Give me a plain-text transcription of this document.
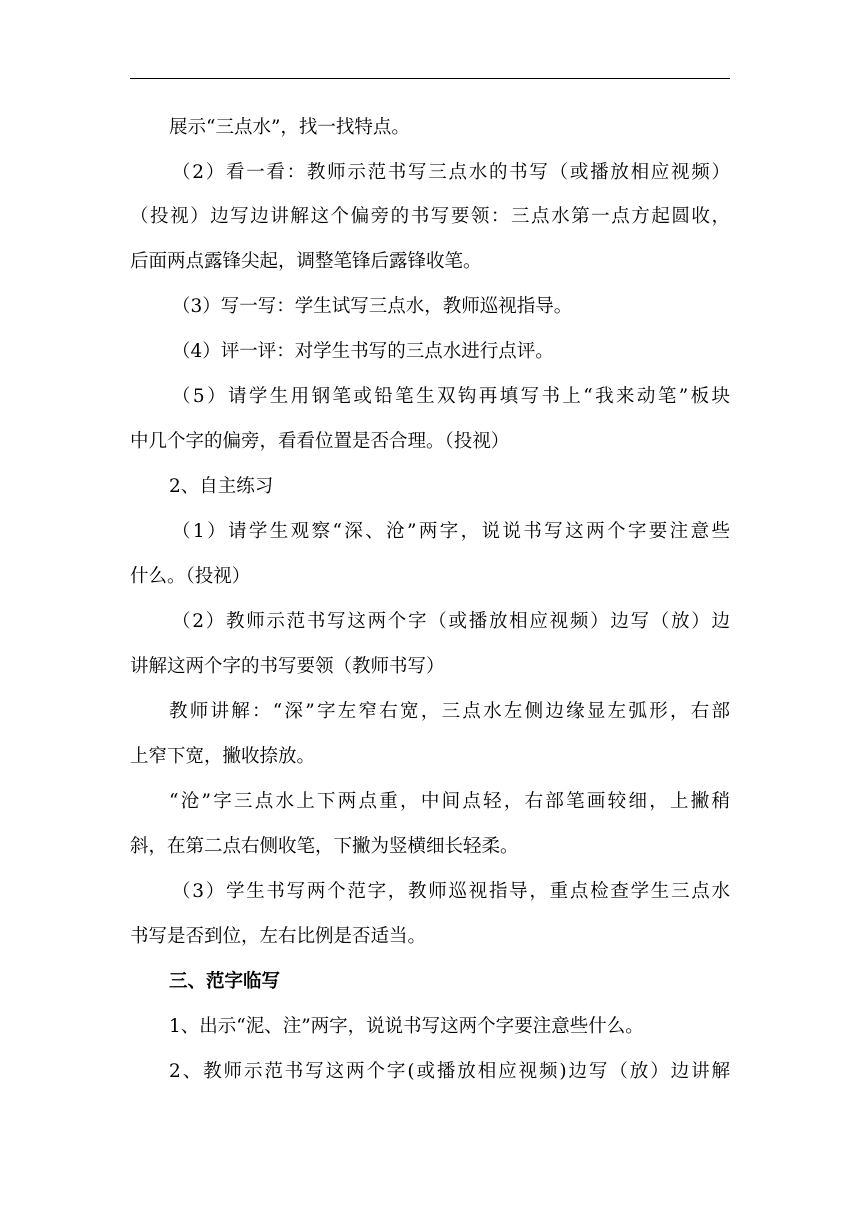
展示“三点水”，找一找特点。
（2）看一看：教师示范书写三点水的书写（或播放相应视频）
（投视）边写边讲解这个偏旁的书写要领：三点水第一点方起圆收，
后面两点露锋尖起，调整笔锋后露锋收笔。
（3）写一写：学生试写三点水，教师巡视指导。
（4）评一评：对学生书写的三点水进行点评。
（5）请学生用钢笔或铅笔生双钩再填写书上“我来动笔”板块
中几个字的偏旁，看看位置是否合理。（投视）
2、自主练习
（1）请学生观察“深、沧”两字，说说书写这两个字要注意些
什么。（投视）
（2）教师示范书写这两个字（或播放相应视频）边写（放）边
讲解这两个字的书写要领（教师书写）
教师讲解：“深”字左窄右宽，三点水左侧边缘显左弧形，右部
上窄下宽，撇收捺放。
“沧”字三点水上下两点重，中间点轻，右部笔画较细，上撇稍
斜，在第二点右侧收笔，下撇为竖横细长轻柔。
（3）学生书写两个范字，教师巡视指导，重点检查学生三点水
书写是否到位，左右比例是否适当。
三、范字临写
1、出示“泥、注”两字，说说书写这两个字要注意些什么。
2、教师示范书写这两个字(或播放相应视频)边写（放）边讲解
